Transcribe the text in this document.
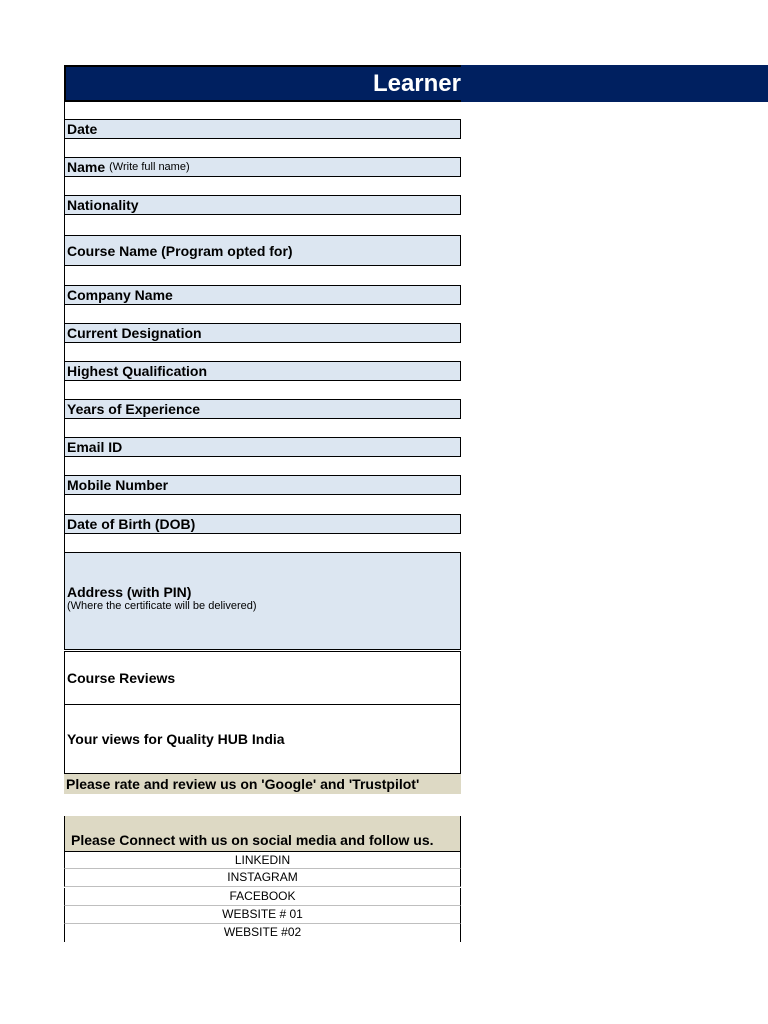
Learner
Date
Name (Write full name)
Nationality
Course Name (Program opted for)
Company Name
Current Designation
Highest Qualification
Years of Experience
Email ID
Mobile Number
Date of Birth (DOB)
Address (with PIN)
(Where the certificate will be delivered)
Course Reviews
Your views for Quality HUB India
Please rate and review us on 'Google' and 'Trustpilot'
Please Connect with us on social media and follow us.
LINKEDIN
INSTAGRAM
FACEBOOK
WEBSITE # 01
WEBSITE #02
